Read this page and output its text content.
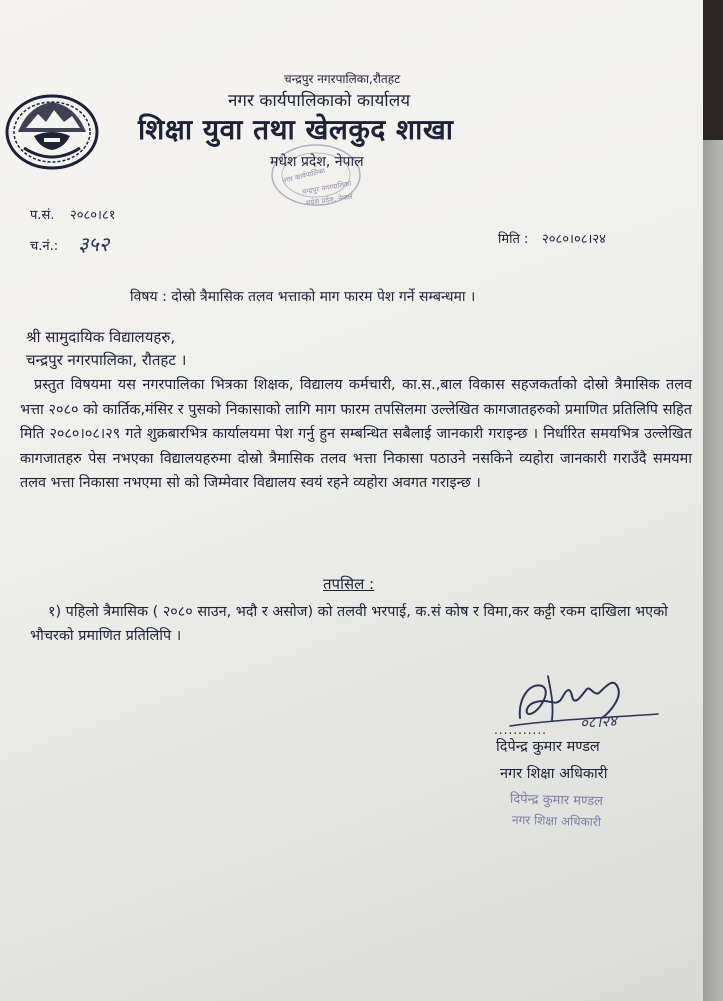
चन्द्रपुर नगरपालिका,रौतहट
नगर कार्यपालिकाको कार्यालय
शिक्षा युवा तथा खेलकुद शाखा
नगर कार्यपालिका
चन्द्रपुर नगरपालिका
मधेश प्रदेश, नेपाल
मधेश प्रदेश, नेपाल
प.सं. २०८०।८१
च.नं.: ३५२	मिति : २०८०।०८।२४
विषय : दोस्रो त्रैमासिक तलव भत्ताको माग फारम पेश गर्ने सम्बन्धमा ।
श्री सामुदायिक विद्यालयहरु,
चन्द्रपुर नगरपालिका, रौतहट ।
प्रस्तुत विषयमा यस नगरपालिका भित्रका शिक्षक, विद्यालय कर्मचारी, का.स.,बाल विकास सहजकर्ताको दोस्रो त्रैमासिक तलव भत्ता २०८० को कार्तिक,मंसिर र पुसको निकासाको लागि माग फारम तपसिलमा उल्लेखित कागजातहरुको प्रमाणित प्रतिलिपि सहित मिति २०८०।०८।२९ गते शुक्रबारभित्र कार्यालयमा पेश गर्नु हुन सम्बन्धित सबैलाई जानकारी गराइन्छ । निर्धारित समयभित्र उल्लेखित कागजातहरु पेस नभएका विद्यालयहरुमा दोस्रो त्रैमासिक तलव भत्ता निकासा पठाउने नसकिने व्यहोरा जानकारी गराउँदै समयमा तलव भत्ता निकासा नभएमा सो को जिम्मेवार विद्यालय स्वयं रहने व्यहोरा अवगत गराइन्छ ।
तपसिल :
१) पहिलो त्रैमासिक ( २०८० साउन, भदौ र असोज) को तलवी भरपाई, क.सं कोष र विमा,कर कट्टी रकम दाखिला भएको भौचरको प्रमाणित प्रतिलिपि ।
........... ०८।२४
दिपेन्द्र कुमार मण्डल
नगर शिक्षा अधिकारी
दिपेन्द्र कुमार मण्डल
नगर शिक्षा अधिकारी
